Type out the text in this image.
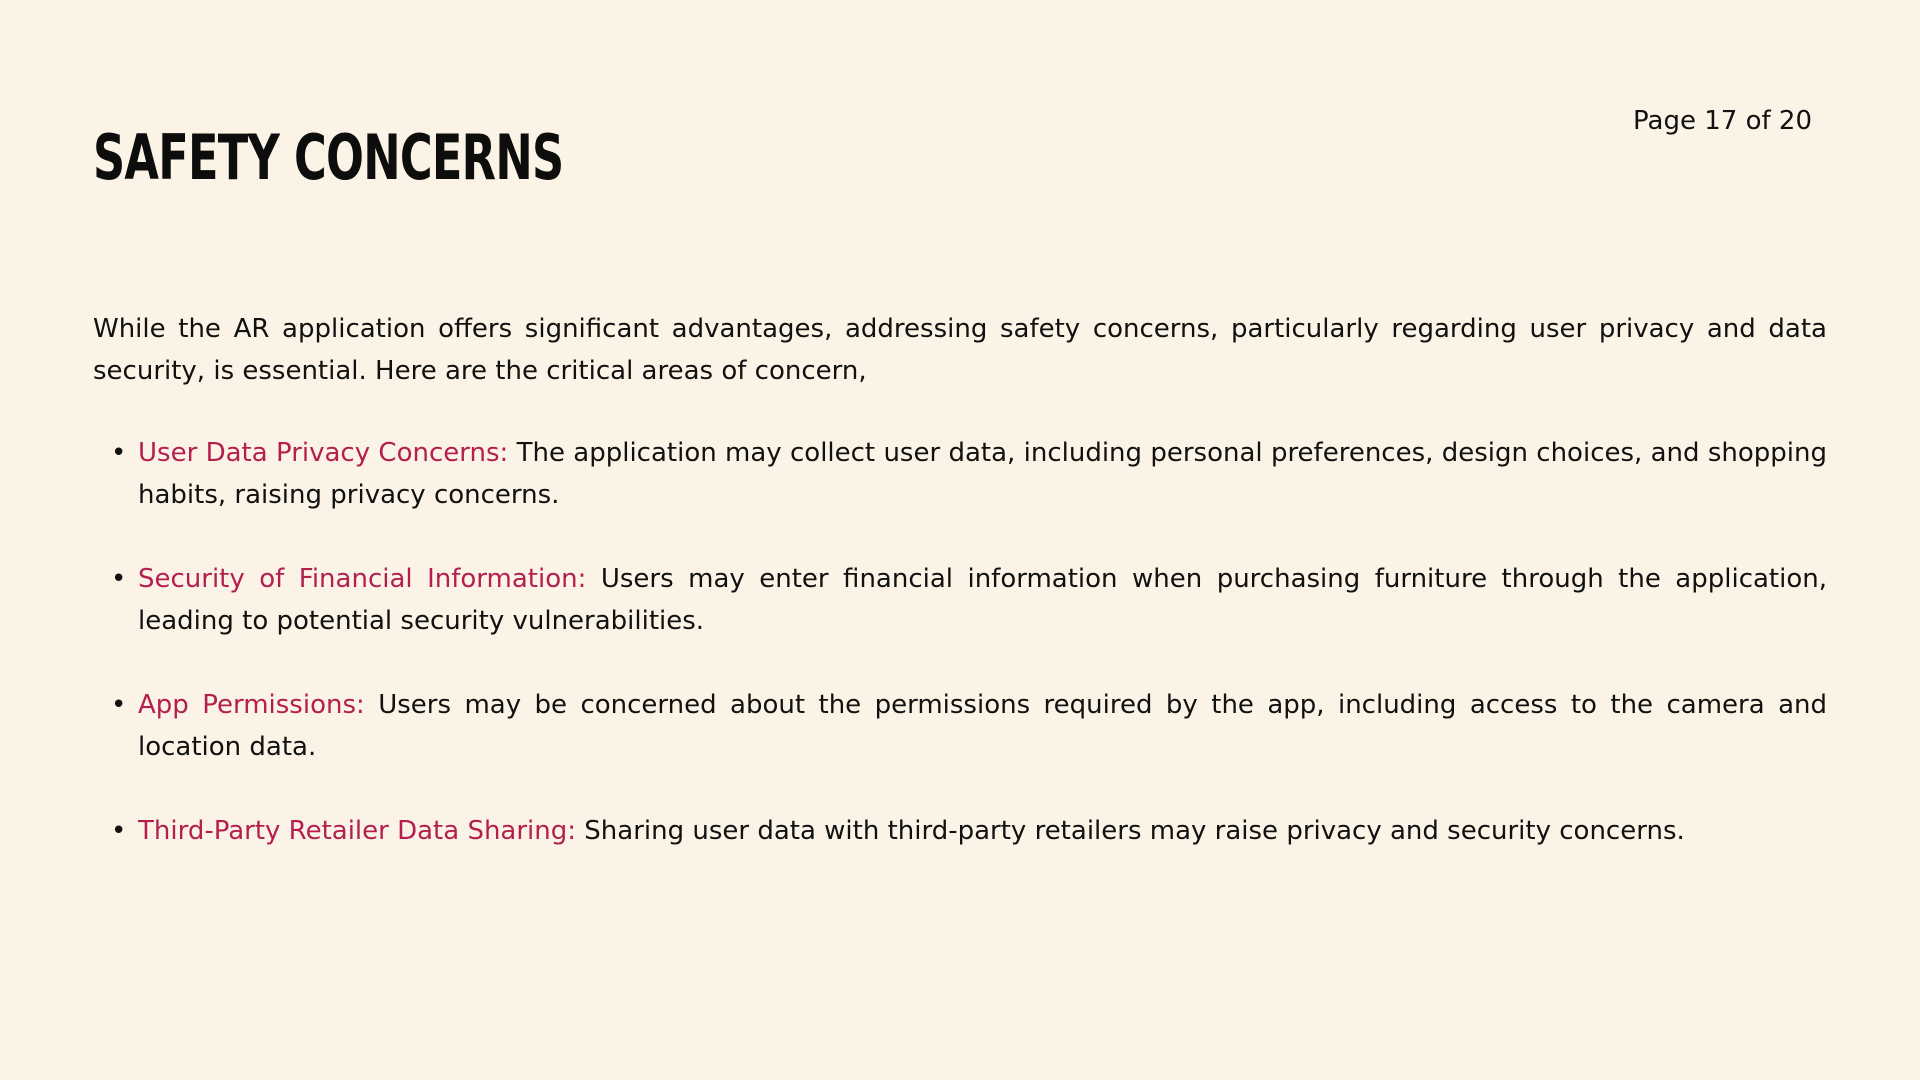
Page 17 of 20
SAFETY CONCERNS

While the AR application offers significant advantages, addressing safety concerns, particularly regarding user privacy and data security, is essential. Here are the critical areas of concern,

• User Data Privacy Concerns: The application may collect user data, including personal preferences, design choices, and shopping habits, raising privacy concerns.
• Security of Financial Information: Users may enter financial information when purchasing furniture through the application, leading to potential security vulnerabilities.
• App Permissions: Users may be concerned about the permissions required by the app, including access to the camera and location data.
• Third-Party Retailer Data Sharing: Sharing user data with third-party retailers may raise privacy and security concerns.
